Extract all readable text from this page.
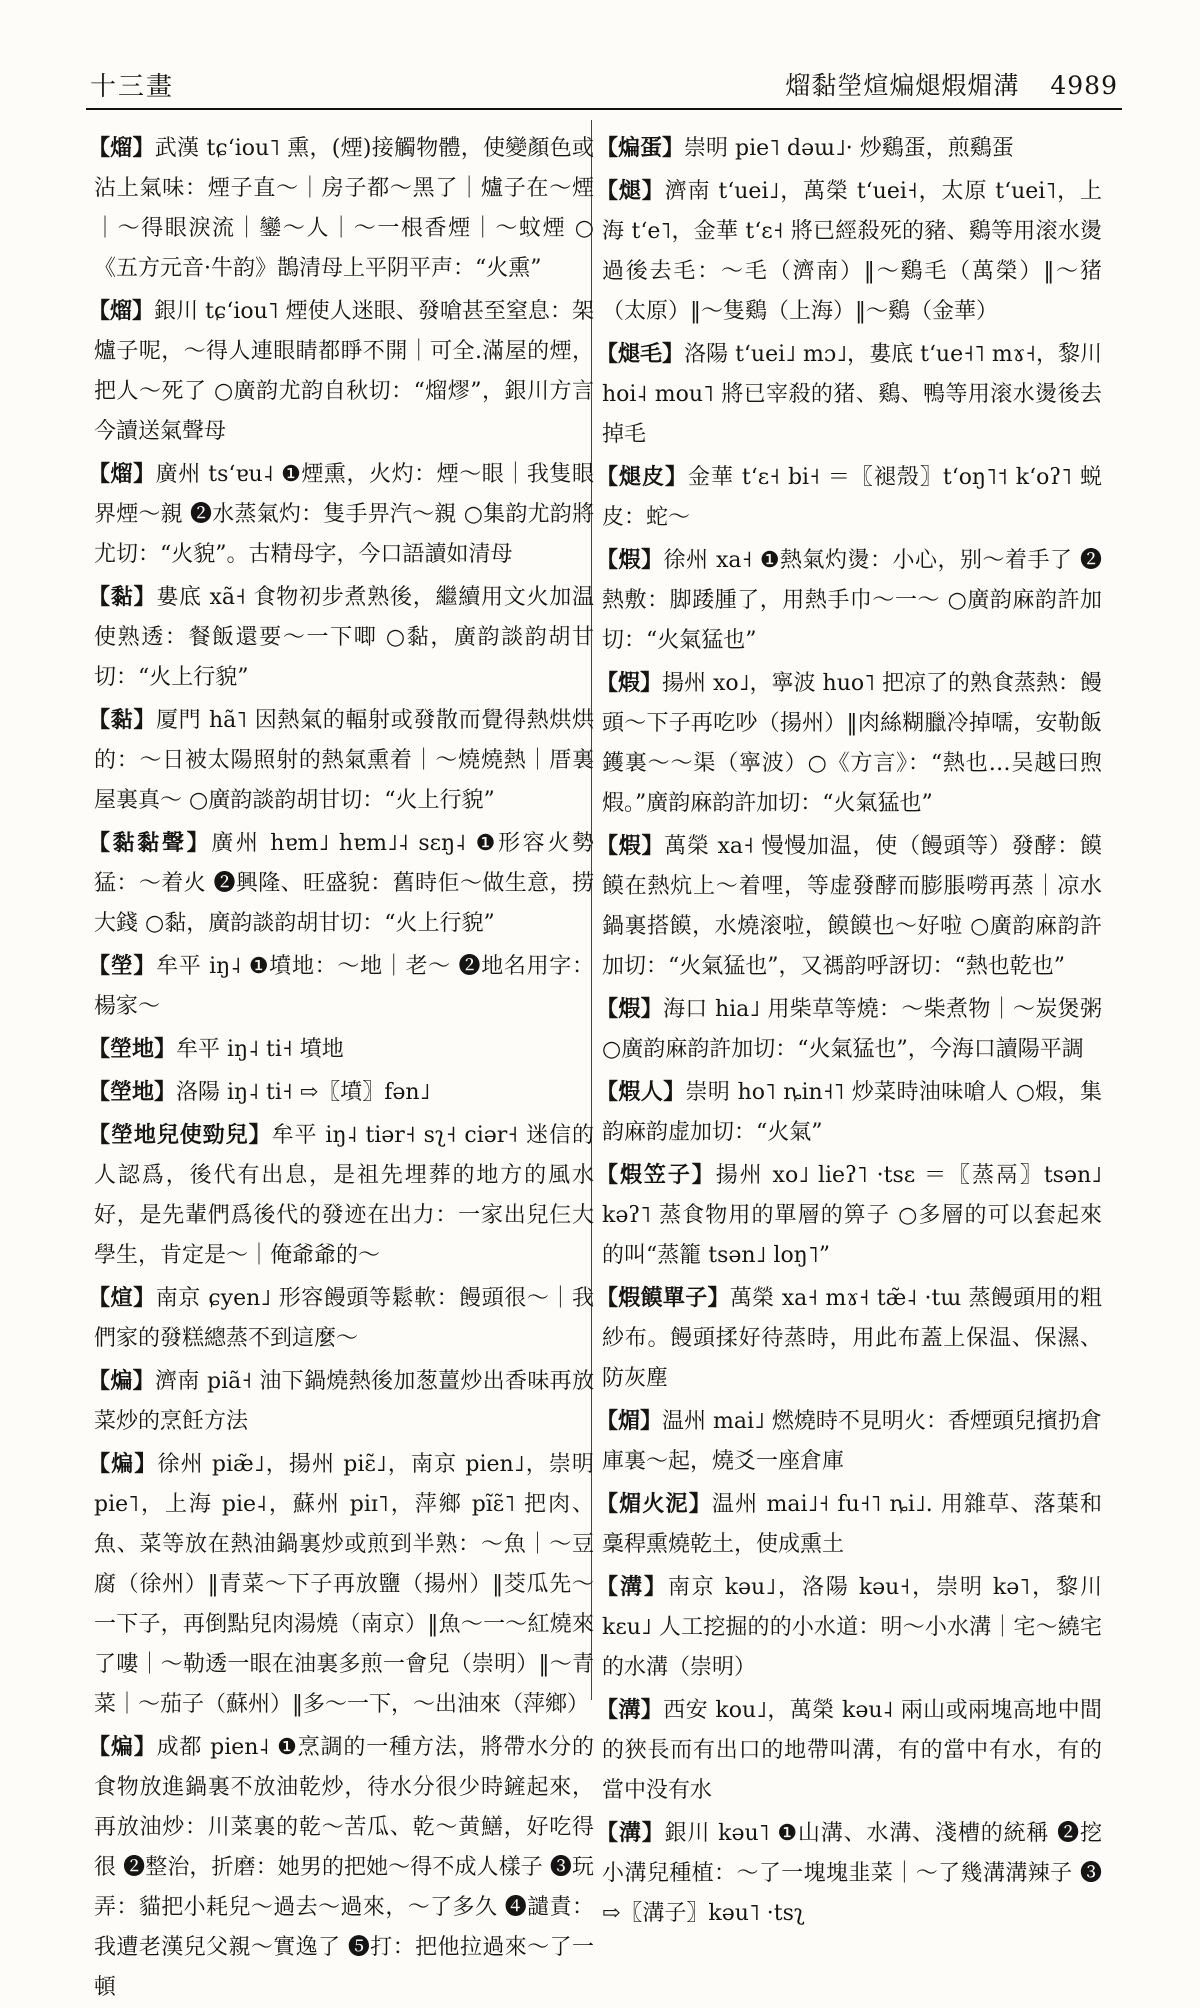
十三畫	熘黏塋煊煸煺煆煝溝 4989
【熘】武漢 tɕʻiou˥ 熏，(煙)接觸物體，使變顏色或沾上氣味：煙子直～｜房子都～黑了｜爐子在～煙｜～得眼淚流｜鑾～人｜～一根香煙｜～蚊煙 ○《五方元音·牛韵》鵲清母上平阴平声：“火熏”
【熘】銀川 tɕʻiou˥ 煙使人迷眼、發嗆甚至窒息：架爐子呢，～得人連眼睛都睜不開｜可全.滿屋的煙，把人～死了 ○廣韵尤韵自秋切：“熘熮”，銀川方言今讀送氣聲母
【熘】廣州 tsʻɐu˨ ❶煙熏，火灼：煙～眼｜我隻眼界煙～親 ❷水蒸氣灼：隻手畀汽～親 ○集韵尤韵將尤切：“火貌”。古精母字，今口語讀如清母
【黏】婁底 xã˧ 食物初步煮熟後，繼續用文火加温使熟透：餐飯還要～一下唧 ○黏，廣韵談韵胡甘切：“火上行貌”
【黏】厦門 hã˥ 因熱氣的輻射或發散而覺得熱烘烘的：～日被太陽照射的熱氣熏着｜～燒燒熱｜厝裏屋裏真～ ○廣韵談韵胡甘切：“火上行貌”
【黏黏聲】廣州 hɐm˩ hɐm˩˨ sɛŋ˨ ❶形容火勢猛：～着火 ❷興隆、旺盛貌：舊時佢～做生意，捞大錢 ○黏，廣韵談韵胡甘切：“火上行貌”
【塋】牟平 iŋ˨ ❶墳地：～地｜老～ ❷地名用字：楊家～
【塋地】牟平 iŋ˨ ti˧ 墳地
【塋地】洛陽 iŋ˨ ti˧ ⇨〖墳〗fən˩
【塋地兒使勁兒】牟平 iŋ˨ tiər˧ sʅ˧ ciər˧ 迷信的人認爲，後代有出息，是祖先埋葬的地方的風水好，是先輩們爲後代的發迹在出力：一家出兒仨大學生，肯定是～｜俺爺爺的～
【煊】南京 ɕyen˩ 形容饅頭等鬆軟：饅頭很～｜我們家的發糕總蒸不到這麼～
【煸】濟南 piã˧ 油下鍋燒熱後加葱薑炒出香味再放菜炒的烹飪方法
【煸】徐州 piæ̃˩，揚州 piɛ̃˩，南京 pien˩，崇明 pie˥，上海 pie˨，蘇州 piɪ˥，萍鄉 pĩɛ̃˥ 把肉、魚、菜等放在熱油鍋裏炒或煎到半熟：～魚｜～豆腐（徐州）‖青菜～下子再放鹽（揚州）‖茭瓜先～一下子，再倒點兒肉湯燒（南京）‖魚～一～紅燒來了嘍｜～勒透一眼在油裏多煎一會兒（崇明）‖～青菜｜～茄子（蘇州）‖多～一下，～出油來（萍鄉）
【煸】成都 pien˨ ❶烹調的一種方法，將帶水分的食物放進鍋裏不放油乾炒，待水分很少時鏟起來，再放油炒：川菜裏的乾～苦瓜、乾～黄鱔，好吃得很 ❷整治，折磨：她男的把她～得不成人樣子 ❸玩弄：貓把小耗兒～過去～過來，～了多久 ❹譴責：我遭老漢兒父親～實逸了 ❺打：把他拉過來～了一頓
【煸蛋】崇明 pie˥ dəɯ˩· 炒鷄蛋，煎鷄蛋
【煺】濟南 tʻuei˩，萬榮 tʻuei˧，太原 tʻuei˥，上海 tʻe˥，金華 tʻɛ˧ 將已經殺死的豬、鷄等用滚水燙過後去毛：～毛（濟南）‖～鷄毛（萬榮）‖～猪（太原）‖～隻鷄（上海）‖～鷄（金華）
【煺毛】洛陽 tʻuei˩ mɔ˩，婁底 tʻue˧˥ mɤ˧，黎川 hoi˨ mou˥ 將已宰殺的猪、鷄、鴨等用滚水燙後去掉毛
【煺皮】金華 tʻɛ˧ bi˧ ＝〖褪殼〗tʻoŋ˥˦ kʻoʔ˥ 蜕皮：蛇～
【煆】徐州 xa˧ ❶熱氣灼燙：小心，别～着手了 ❷熱敷：脚踒腫了，用熱手巾～一～ ○廣韵麻韵許加切：“火氣猛也”
【煆】揚州 xo˩，寧波 huo˥ 把凉了的熟食蒸熱：饅頭～下子再吃吵（揚州）‖肉絲糊臘冷掉嚅，安勒飯鑊裏～～渠（寧波）○《方言》：“熱也…吴越曰煦煆。”廣韵麻韵許加切：“火氣猛也”
【煆】萬榮 xa˧ 慢慢加温，使（饅頭等）發酵：饃饃在熱炕上～着哩，等虚發酵而膨脹嘮再蒸｜凉水鍋裏搭饃，水燒滚啦，饃饃也～好啦 ○廣韵麻韵許加切：“火氣猛也”，又禡韵呼訝切：“熱也乾也”
【煆】海口 hia˩ 用柴草等燒：～柴煮物｜～炭煲粥 ○廣韵麻韵許加切：“火氣猛也”，今海口讀陽平調
【煆人】崇明 ho˥ ȵin˧˥ 炒菜時油味嗆人 ○煆，集韵麻韵虚加切：“火氣”
【煆笠子】揚州 xo˩ lieʔ˥ ·tsɛ ＝〖蒸鬲〗tsən˩ kəʔ˥ 蒸食物用的單層的箅子 ○多層的可以套起來的叫“蒸籠 tsən˩ loŋ˥”
【煆饃單子】萬榮 xa˧ mɤ˧ tæ̃˨ ·tɯ 蒸饅頭用的粗紗布。饅頭揉好待蒸時，用此布蓋上保温、保濕、防灰塵
【煝】温州 mai˩ 燃燒時不見明火：香煙頭兒擯扔倉庫裏～起，燒爻一座倉庫
【煝火泥】温州 mai˩˧ fu˧˥ ȵi˩. 用雜草、落葉和稾稈熏燒乾土，使成熏土
【溝】南京 kəu˩，洛陽 kəu˧，崇明 kə˥，黎川 kɛu˩ 人工挖掘的的小水道：明～小水溝｜宅～繞宅的水溝（崇明）
【溝】西安 kou˩，萬榮 kəu˨ 兩山或兩塊高地中間的狹長而有出口的地帶叫溝，有的當中有水，有的當中没有水
【溝】銀川 kəu˥ ❶山溝、水溝、淺槽的統稱 ❷挖小溝兒種植：～了一塊塊韭菜｜～了幾溝溝辣子 ❸ ⇨〖溝子〗kəu˥ ·tsʅ
